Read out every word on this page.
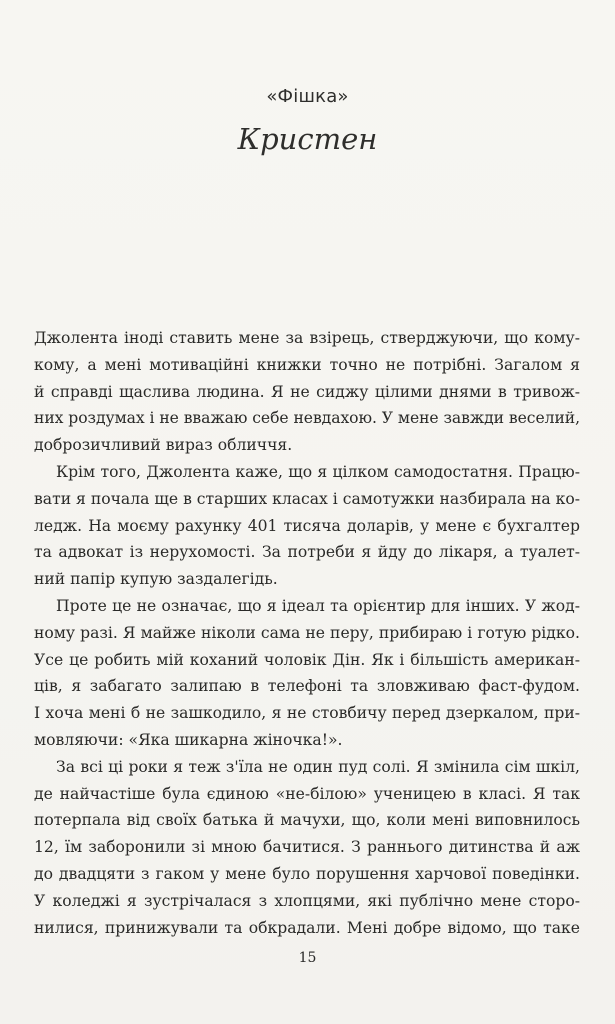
«Фішка»
Кристен
Джолента іноді ставить мене за взірець, стверджуючи, що кому-
кому, а мені мотиваційні книжки точно не потрібні. Загалом я
й справді щаслива людина. Я не сиджу цілими днями в тривож-
них роздумах і не вважаю себе невдахою. У мене завжди веселий,
доброзичливий вираз обличчя.
Крім того, Джолента каже, що я цілком самодостатня. Працю-
вати я почала ще в старших класах і самотужки назбирала на ко-
ледж. На моєму рахунку 401 тисяча доларів, у мене є бухгалтер
та адвокат із нерухомості. За потреби я йду до лікаря, а туалет-
ний папір купую заздалегідь.
Проте це не означає, що я ідеал та орієнтир для інших. У жод-
ному разі. Я майже ніколи сама не перу, прибираю і готую рідко.
Усе це робить мій коханий чоловік Дін. Як і більшість американ-
ців, я забагато залипаю в телефоні та зловживаю фаст-фудом.
І хоча мені б не зашкодило, я не стовбичу перед дзеркалом, при-
мовляючи: «Яка шикарна жіночка!».
За всі ці роки я теж з'їла не один пуд солі. Я змінила сім шкіл,
де найчастіше була єдиною «не-білою» ученицею в класі. Я так
потерпала від своїх батька й мачухи, що, коли мені виповнилось
12, їм заборонили зі мною бачитися. З раннього дитинства й аж
до двадцяти з гаком у мене було порушення харчової поведінки.
У коледжі я зустрічалася з хлопцями, які публічно мене сторо-
нилися, принижували та обкрадали. Мені добре відомо, що таке
15
